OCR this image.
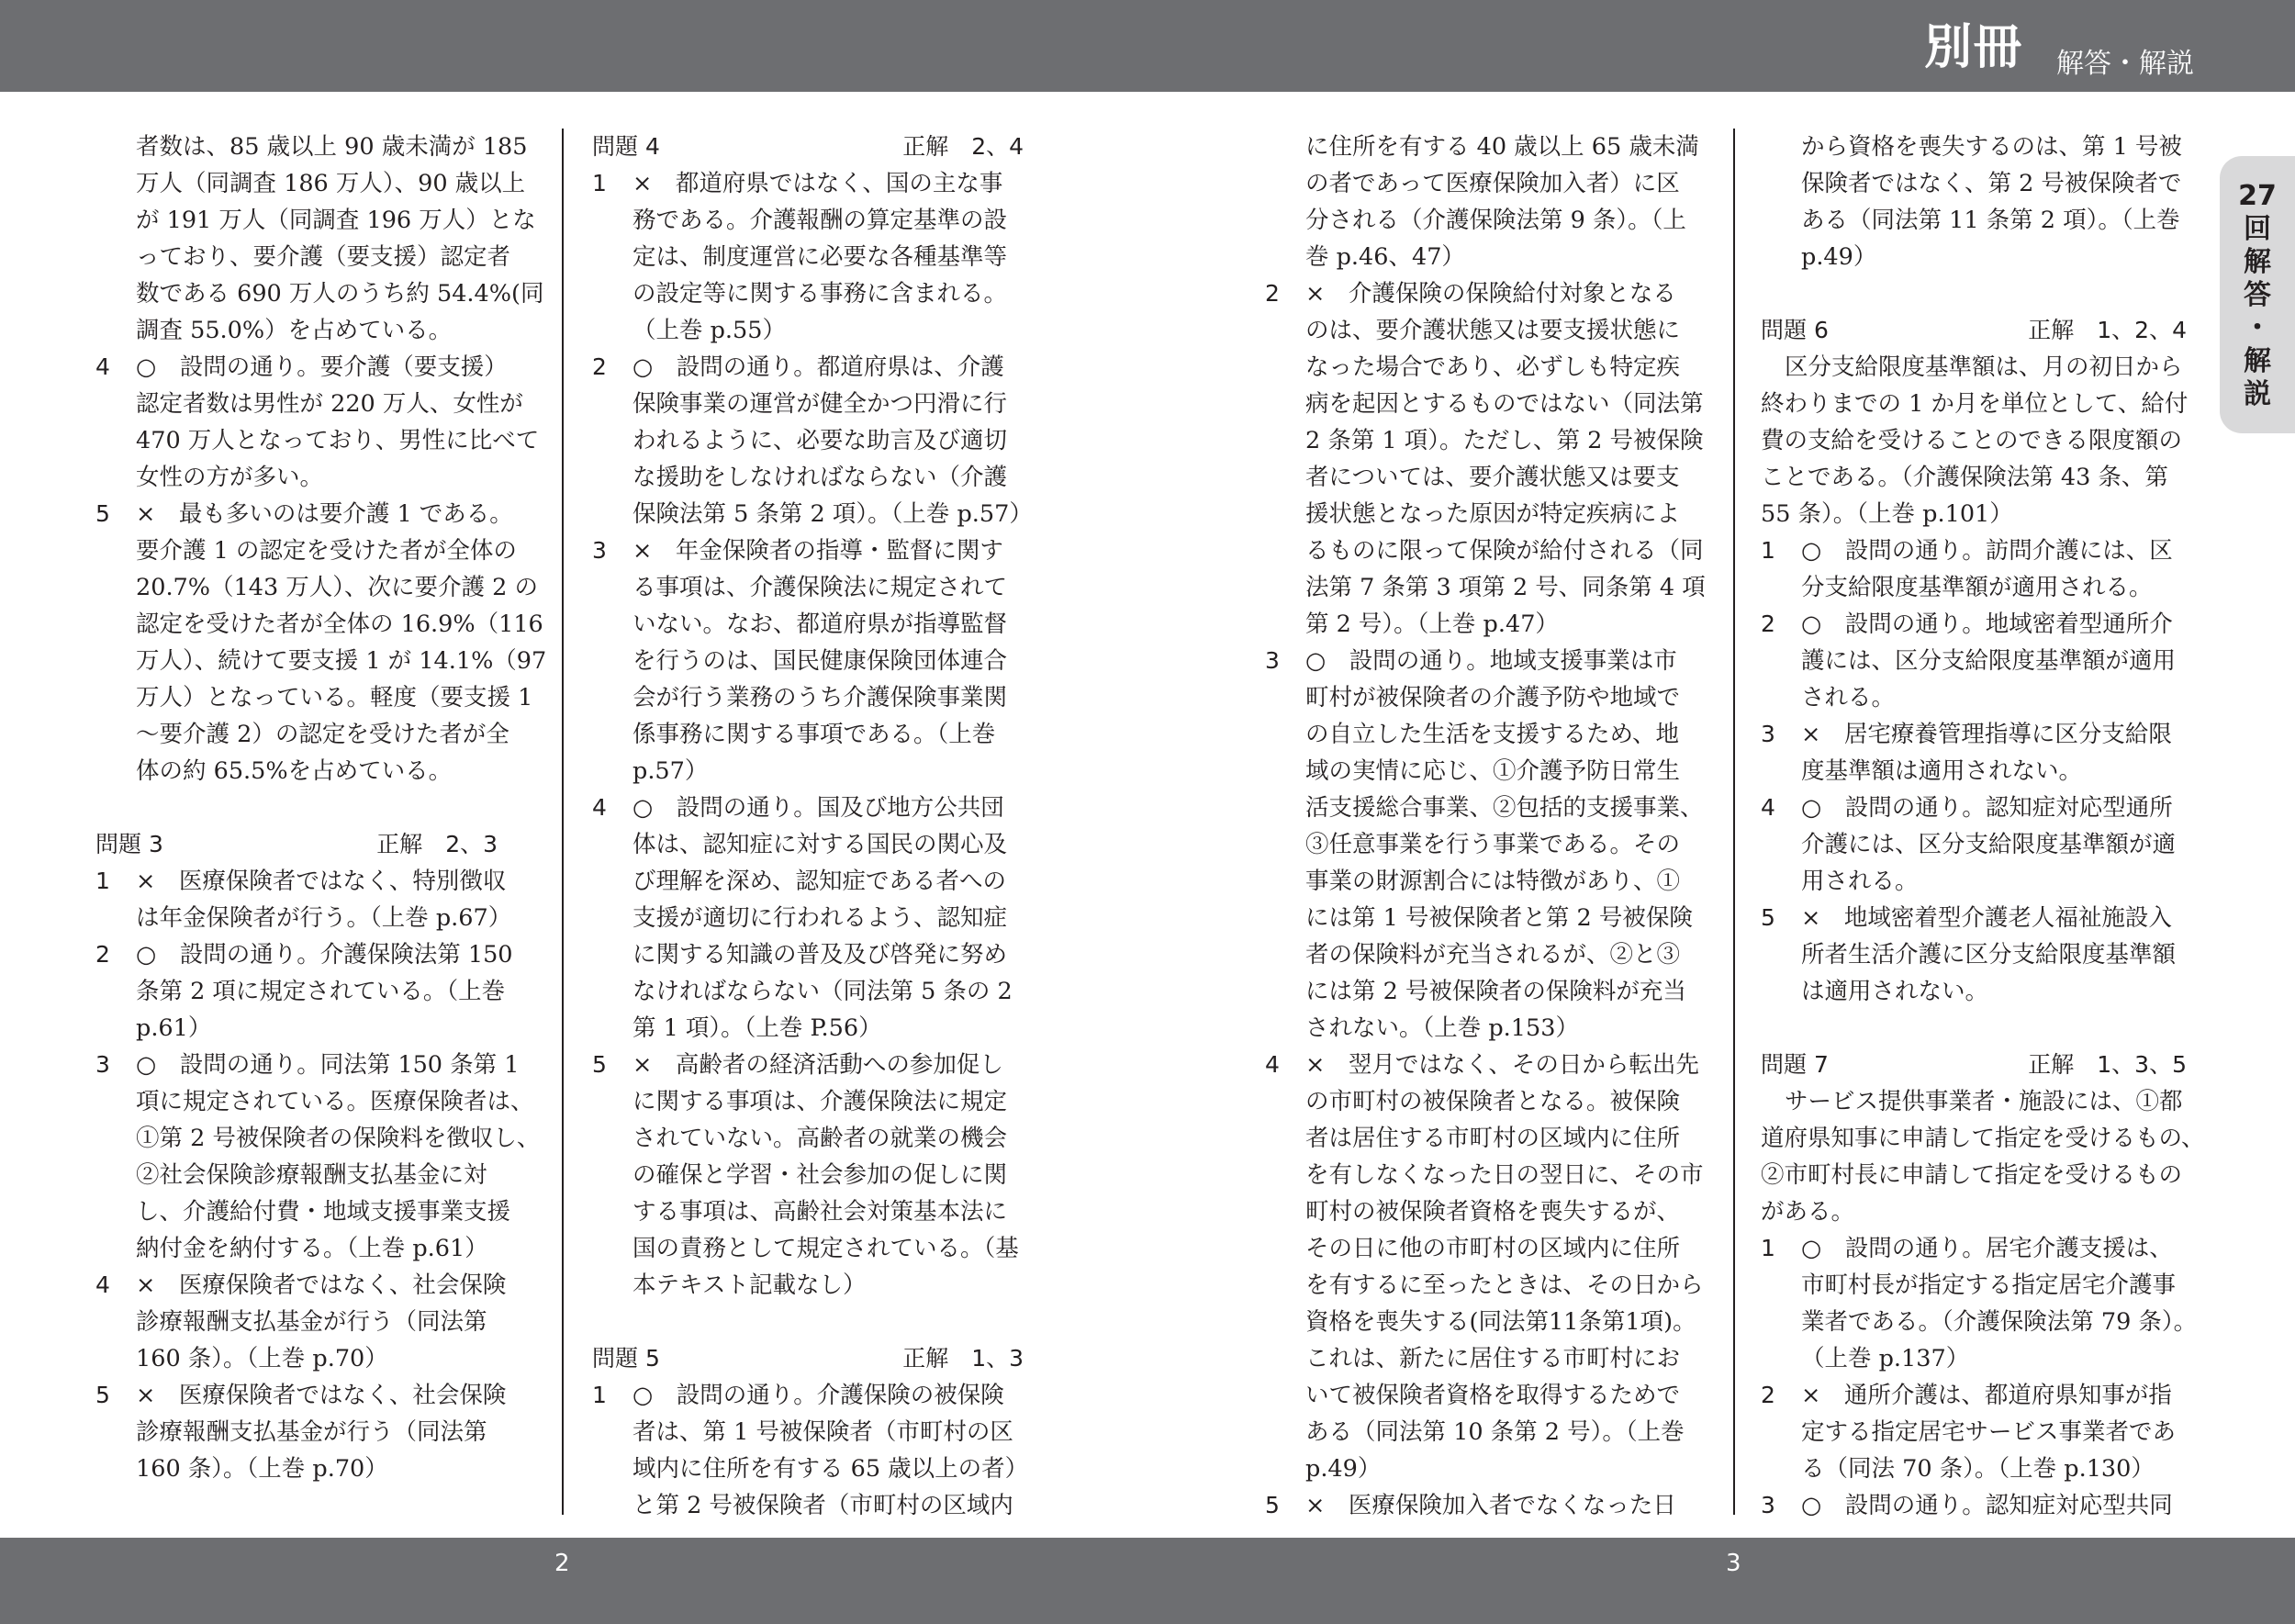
別冊 解答・解説
27
回
解
答
・
解
説
者数は、85 歳以上 90 歳未満が 185
万人（同調査 186 万人）、90 歳以上
が 191 万人（同調査 196 万人）とな
っており、要介護（要支援）認定者
数である 690 万人のうち約 54.4%(同
調査 55.0%）を占めている。
4 ○　設問の通り。要介護（要支援）
認定者数は男性が 220 万人、女性が
470 万人となっており、男性に比べて
女性の方が多い。
5 ×　最も多いのは要介護 1 である。
要介護 1 の認定を受けた者が全体の
20.7%（143 万人）、次に要介護 2 の
認定を受けた者が全体の 16.9%（116
万人）、続けて要支援 1 が 14.1%（97
万人）となっている。軽度（要支援 1
〜要介護 2）の認定を受けた者が全
体の約 65.5%を占めている。
問題 3	正解　2、3
1 ×　医療保険者ではなく、特別徴収
は年金保険者が行う。（上巻 p.67）
2 ○　設問の通り。介護保険法第 150
条第 2 項に規定されている。（上巻
p.61）
3 ○　設問の通り。同法第 150 条第 1
項に規定されている。医療保険者は、
①第 2 号被保険者の保険料を徴収し、
②社会保険診療報酬支払基金に対
し、介護給付費・地域支援事業支援
納付金を納付する。（上巻 p.61）
4 ×　医療保険者ではなく、社会保険
診療報酬支払基金が行う（同法第
160 条）。（上巻 p.70）
5 ×　医療保険者ではなく、社会保険
診療報酬支払基金が行う（同法第
160 条）。（上巻 p.70）
問題 4	正解　2、4
1 ×　都道府県ではなく、国の主な事
務である。介護報酬の算定基準の設
定は、制度運営に必要な各種基準等
の設定等に関する事務に含まれる。
（上巻 p.55）
2 ○　設問の通り。都道府県は、介護
保険事業の運営が健全かつ円滑に行
われるように、必要な助言及び適切
な援助をしなければならない（介護
保険法第 5 条第 2 項）。（上巻 p.57）
3 ×　年金保険者の指導・監督に関す
る事項は、介護保険法に規定されて
いない。なお、都道府県が指導監督
を行うのは、国民健康保険団体連合
会が行う業務のうち介護保険事業関
係事務に関する事項である。（上巻
p.57）
4 ○　設問の通り。国及び地方公共団
体は、認知症に対する国民の関心及
び理解を深め、認知症である者への
支援が適切に行われるよう、認知症
に関する知識の普及及び啓発に努め
なければならない（同法第 5 条の 2
第 1 項）。（上巻 P.56）
5 ×　高齢者の経済活動への参加促し
に関する事項は、介護保険法に規定
されていない。高齢者の就業の機会
の確保と学習・社会参加の促しに関
する事項は、高齢社会対策基本法に
国の責務として規定されている。（基
本テキスト記載なし）
問題 5	正解　1、3
1 ○　設問の通り。介護保険の被保険
者は、第 1 号被保険者（市町村の区
域内に住所を有する 65 歳以上の者）
と第 2 号被保険者（市町村の区域内
に住所を有する 40 歳以上 65 歳未満
の者であって医療保険加入者）に区
分される（介護保険法第 9 条）。（上
巻 p.46、47）
2 ×　介護保険の保険給付対象となる
のは、要介護状態又は要支援状態に
なった場合であり、必ずしも特定疾
病を起因とするものではない（同法第
2 条第 1 項）。ただし、第 2 号被保険
者については、要介護状態又は要支
援状態となった原因が特定疾病によ
るものに限って保険が給付される（同
法第 7 条第 3 項第 2 号、同条第 4 項
第 2 号）。（上巻 p.47）
3 ○　設問の通り。地域支援事業は市
町村が被保険者の介護予防や地域で
の自立した生活を支援するため、地
域の実情に応じ、①介護予防日常生
活支援総合事業、②包括的支援事業、
③任意事業を行う事業である。その
事業の財源割合には特徴があり、①
には第 1 号被保険者と第 2 号被保険
者の保険料が充当されるが、②と③
には第 2 号被保険者の保険料が充当
されない。（上巻 p.153）
4 ×　翌月ではなく、その日から転出先
の市町村の被保険者となる。被保険
者は居住する市町村の区域内に住所
を有しなくなった日の翌日に、その市
町村の被保険者資格を喪失するが、
その日に他の市町村の区域内に住所
を有するに至ったときは、その日から
資格を喪失する(同法第11条第1項)。
これは、新たに居住する市町村にお
いて被保険者資格を取得するためで
ある（同法第 10 条第 2 号）。（上巻
p.49）
5 ×　医療保険加入者でなくなった日
から資格を喪失するのは、第 1 号被
保険者ではなく、第 2 号被保険者で
ある（同法第 11 条第 2 項）。（上巻
p.49）
問題 6	正解　1、2、4
区分支給限度基準額は、月の初日から
終わりまでの 1 か月を単位として、給付
費の支給を受けることのできる限度額の
ことである。（介護保険法第 43 条、第
55 条）。（上巻 p.101）
1 ○　設問の通り。訪問介護には、区
分支給限度基準額が適用される。
2 ○　設問の通り。地域密着型通所介
護には、区分支給限度基準額が適用
される。
3 ×　居宅療養管理指導に区分支給限
度基準額は適用されない。
4 ○　設問の通り。認知症対応型通所
介護には、区分支給限度基準額が適
用される。
5 ×　地域密着型介護老人福祉施設入
所者生活介護に区分支給限度基準額
は適用されない。
問題 7	正解　1、3、5
サービス提供事業者・施設には、①都
道府県知事に申請して指定を受けるもの、
②市町村長に申請して指定を受けるもの
がある。
1 ○　設問の通り。居宅介護支援は、
市町村長が指定する指定居宅介護事
業者である。（介護保険法第 79 条）。
（上巻 p.137）
2 ×　通所介護は、都道府県知事が指
定する指定居宅サービス事業者であ
る（同法 70 条）。（上巻 p.130）
3 ○　設問の通り。認知症対応型共同
2	3
